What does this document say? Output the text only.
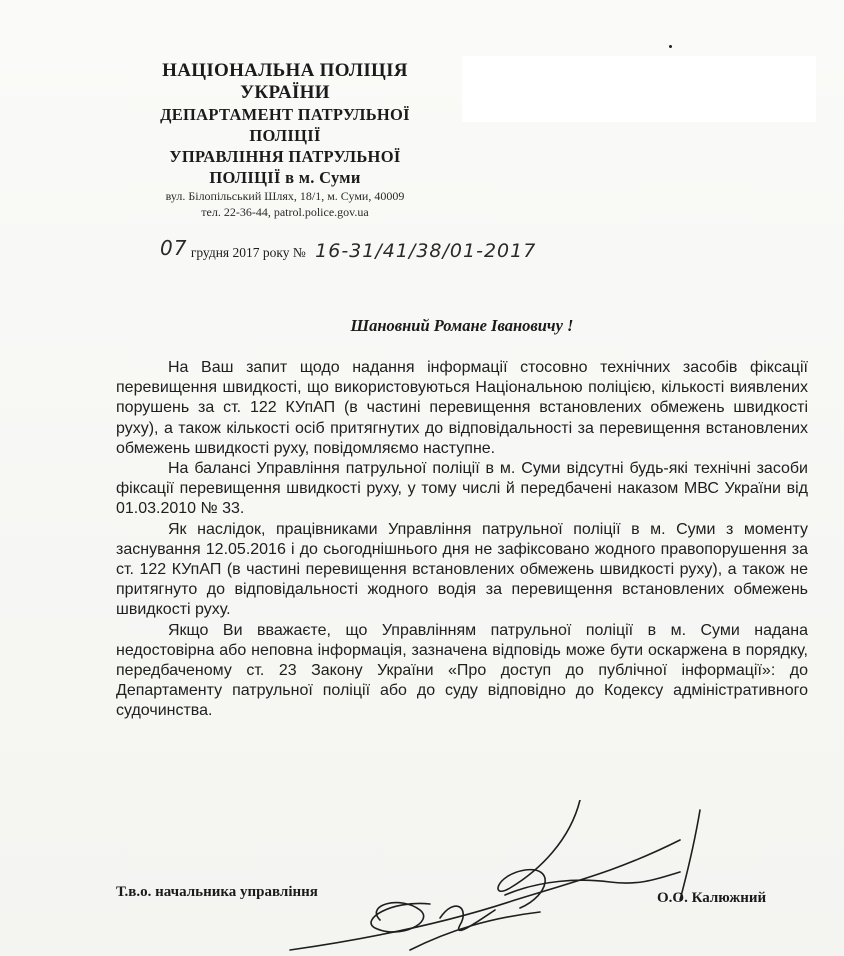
НАЦІОНАЛЬНА ПОЛІЦІЯ
УКРАЇНИ
ДЕПАРТАМЕНТ ПАТРУЛЬНОЇ
ПОЛІЦІЇ
УПРАВЛІННЯ ПАТРУЛЬНОЇ
ПОЛІЦІЇ в м. Суми
вул. Білопільський Шлях, 18/1, м. Суми, 40009
тел. 22-36-44, patrol.police.gov.ua
07 грудня 2017 року № 16-31/41/38/01-2017
Шановний Романе Івановичу !

На Ваш запит щодо надання інформації стосовно технічних засобів фіксації перевищення швидкості, що використовуються Національною поліцією, кількості виявлених порушень за ст. 122 КУпАП (в частині перевищення встановлених обмежень швидкості руху), а також кількості осіб притягнутих до відповідальності за перевищення встановлених обмежень швидкості руху, повідомляємо наступне.

На балансі Управління патрульної поліції в м. Суми відсутні будь-які технічні засоби фіксації перевищення швидкості руху, у тому числі й передбачені наказом МВС України від 01.03.2010 № 33.

Як наслідок, працівниками Управління патрульної поліції в м. Суми з моменту заснування 12.05.2016 і до сьогоднішнього дня не зафіксовано жодного правопорушення за ст. 122 КУпАП (в частині перевищення встановлених обмежень швидкості руху), а також не притягнуто до відповідальності жодного водія за перевищення встановлених обмежень швидкості руху.

Якщо Ви вважаєте, що Управлінням патрульної поліції в м. Суми надана недостовірна або неповна інформація, зазначена відповідь може бути оскаржена в порядку, передбаченому ст. 23 Закону України «Про доступ до публічної інформації»: до Департаменту патрульної поліції або до суду відповідно до Кодексу адміністративного судочинства.

Т.в.о. начальника управління	О.О. Калюжний
